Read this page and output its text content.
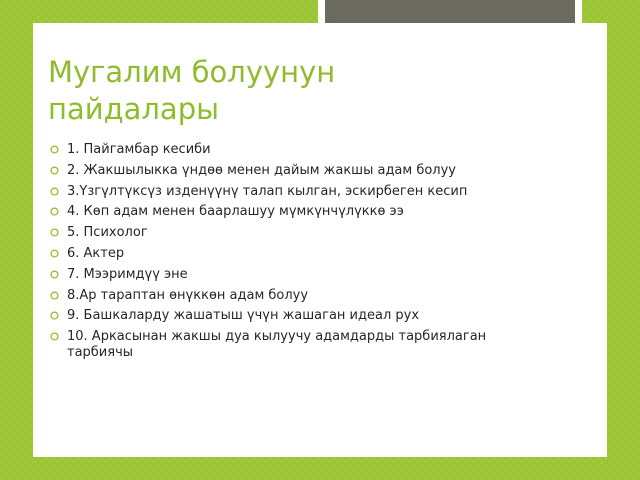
Мугалим болуунун пайдалары
1. Пайгамбар кесиби
2. Жакшылыкка үндөө менен дайым жакшы адам болуу
3.Үзгүлтүксүз изденүүнү талап кылган, эскирбеген кесип
4. Көп адам менен баарлашуу мүмкүнчүлүккө ээ
5. Психолог
6. Актер
7. Мээримдүү эне
8.Ар тараптан өнүккөн адам болуу
9. Башкаларду жашатыш үчүн жашаган идеал рух
10. Аркасынан жакшы дуа кылуучу адамдарды тарбиялаган тарбиячы
